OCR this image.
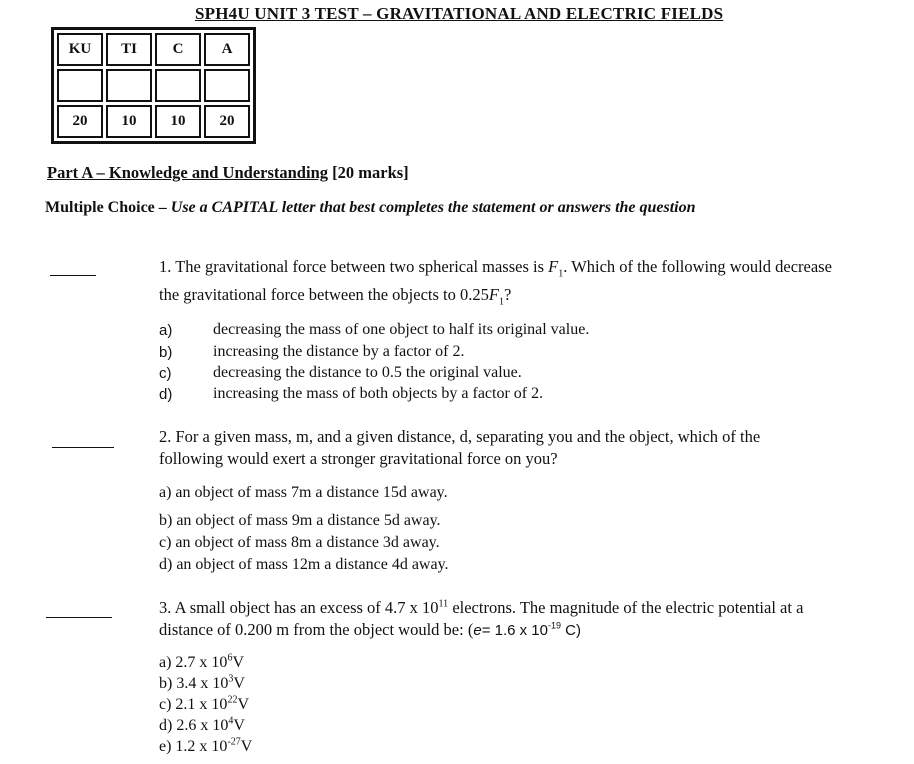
SPH4U UNIT 3 TEST – GRAVITATIONAL AND ELECTRIC FIELDS
KU	TI	C	A

20	10	10	20
Part A – Knowledge and Understanding [20 marks]
Multiple Choice – Use a CAPITAL letter that best completes the statement or answers the question
1. The gravitational force between two spherical masses is $F_1$. Which of the following would decrease
the gravitational force between the objects to $0.25F_1$?
a)	decreasing the mass of one object to half its original value.
b)	increasing the distance by a factor of 2.
c)	decreasing the distance to 0.5 the original value.
d)	increasing the mass of both objects by a factor of 2.
2. For a given mass, m, and a given distance, d, separating you and the object, which of the
following would exert a stronger gravitational force on you?
a) an object of mass 7m a distance 15d away.
b) an object of mass 9m a distance 5d away.
c) an object of mass 8m a distance 3d away.
d) an object of mass 12m a distance 4d away.
3. A small object has an excess of 4.7 x $10^{11}$ electrons. The magnitude of the electric potential at a
distance of 0.200 m from the object would be: (e= 1.6 x $10^{-19}$ C)
a) 2.7 x $10^6V$
b) 3.4 x $10^3V$
c) 2.1 x $10^{22}V$
d) 2.6 x $10^4V$
e) 1.2 x $10^{-27}V$
